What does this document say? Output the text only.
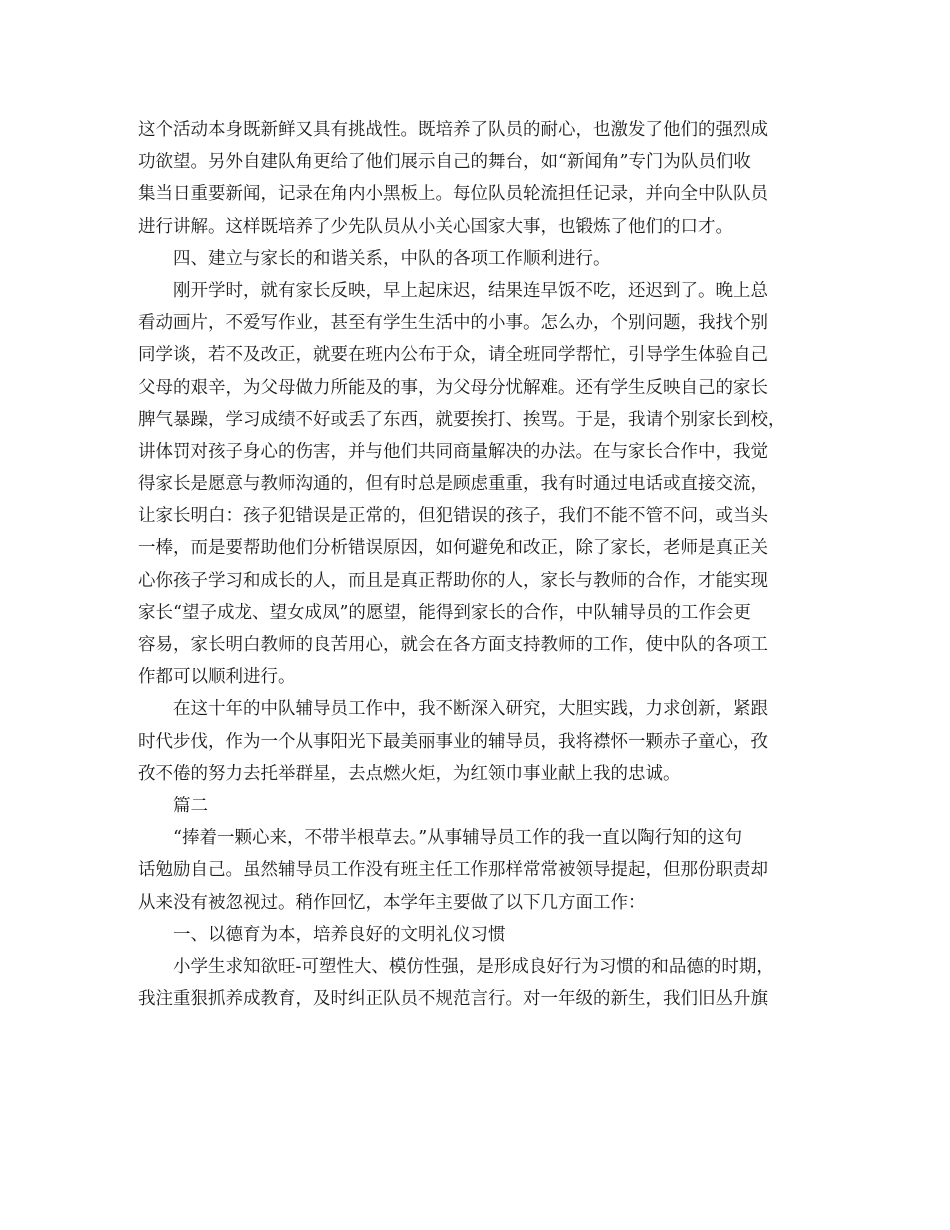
这个活动本身既新鲜又具有挑战性。既培养了队员的耐心，也激发了他们的强烈成
功欲望。另外自建队角更给了他们展示自己的舞台，如“新闻角”专门为队员们收
集当日重要新闻，记录在角内小黑板上。每位队员轮流担任记录，并向全中队队员
进行讲解。这样既培养了少先队员从小关心国家大事，也锻炼了他们的口才。
四、建立与家长的和谐关系，中队的各项工作顺利进行。
刚开学时，就有家长反映，早上起床迟，结果连早饭不吃，还迟到了。晚上总
看动画片，不爱写作业，甚至有学生生活中的小事。怎么办，个别问题，我找个别
同学谈，若不及改正，就要在班内公布于众，请全班同学帮忙，引导学生体验自己
父母的艰辛，为父母做力所能及的事，为父母分忧解难。还有学生反映自己的家长
脾气暴躁，学习成绩不好或丢了东西，就要挨打、挨骂。于是，我请个别家长到校，
讲体罚对孩子身心的伤害，并与他们共同商量解决的办法。在与家长合作中，我觉
得家长是愿意与教师沟通的，但有时总是顾虑重重，我有时通过电话或直接交流，
让家长明白：孩子犯错误是正常的，但犯错误的孩子，我们不能不管不问，或当头
一棒，而是要帮助他们分析错误原因，如何避免和改正，除了家长，老师是真正关
心你孩子学习和成长的人，而且是真正帮助你的人，家长与教师的合作，才能实现
家长“望子成龙、望女成凤”的愿望，能得到家长的合作，中队辅导员的工作会更
容易，家长明白教师的良苦用心，就会在各方面支持教师的工作，使中队的各项工
作都可以顺利进行。
在这十年的中队辅导员工作中，我不断深入研究，大胆实践，力求创新，紧跟
时代步伐，作为一个从事阳光下最美丽事业的辅导员，我将襟怀一颗赤子童心，孜
孜不倦的努力去托举群星，去点燃火炬，为红领巾事业献上我的忠诚。
篇二
“捧着一颗心来，不带半根草去。”从事辅导员工作的我一直以陶行知的这句
话勉励自己。虽然辅导员工作没有班主任工作那样常常被领导提起，但那份职责却
从来没有被忽视过。稍作回忆，本学年主要做了以下几方面工作：
一、以德育为本，培养良好的文明礼仪习惯
小学生求知欲旺-可塑性大、模仿性强，是形成良好行为习惯的和品德的时期，
我注重狠抓养成教育，及时纠正队员不规范言行。对一年级的新生，我们旧丛升旗
